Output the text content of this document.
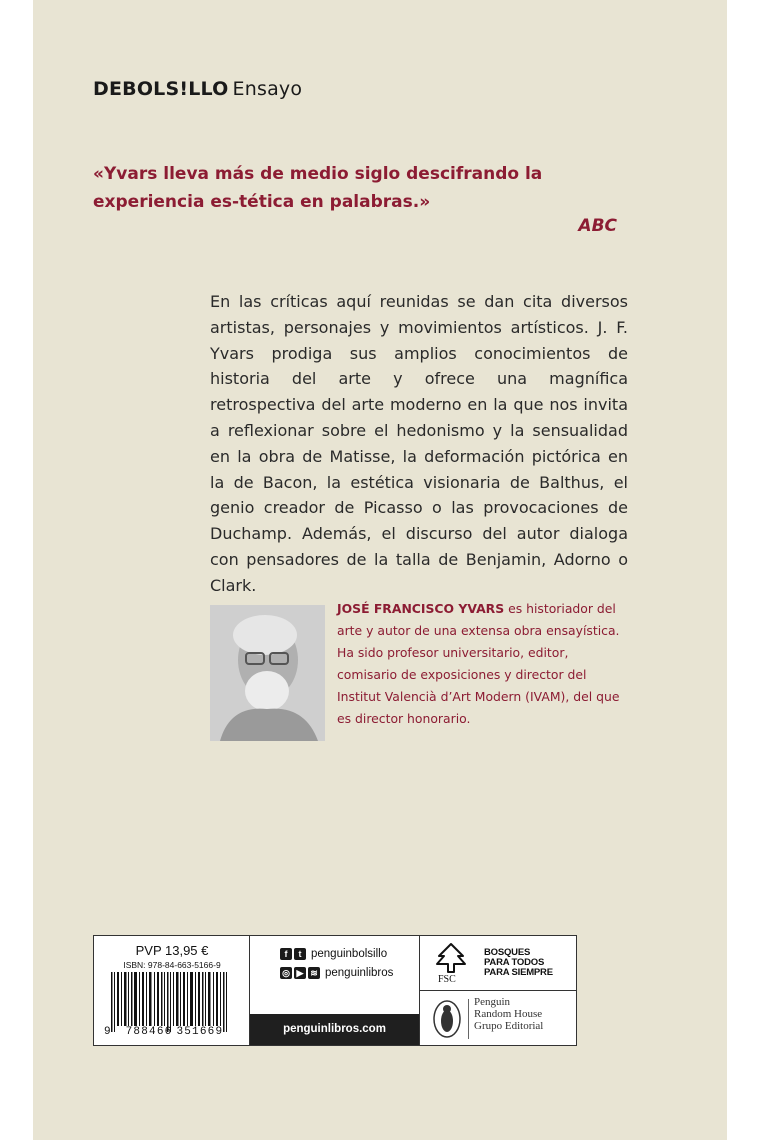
DEBOLS!LLO Ensayo
«Yvars lleva más de medio siglo descifrando la experiencia es-tética en palabras.»
ABC
En las críticas aquí reunidas se dan cita diversos artistas, personajes y movimientos artísticos. J. F. Yvars prodiga sus amplios conocimientos de historia del arte y ofrece una magnífica retrospectiva del arte moderno en la que nos invita a reflexionar sobre el hedonismo y la sensualidad en la obra de Matisse, la deformación pictórica en la de Bacon, la estética visionaria de Balthus, el genio creador de Picasso o las provocaciones de Duchamp. Además, el discurso del autor dialoga con pensadores de la talla de Benjamin, Adorno o Clark.
JOSÉ FRANCISCO YVARS es historiador del arte y autor de una extensa obra ensayística. Ha sido profesor universitario, editor, comisario de exposiciones y director del Institut Valencià d’Art Modern (IVAM), del que es director honorario.
PVP 13,95 €
ISBN: 978-84-663-5166-9
9 788466 351669
f	t penguinbolsillo
◎ ▶ ≋ penguinlibros
penguinlibros.com
FSC
BOSQUES
PARA TODOS
PARA SIEMPRE
Penguin
Random House
Grupo Editorial
